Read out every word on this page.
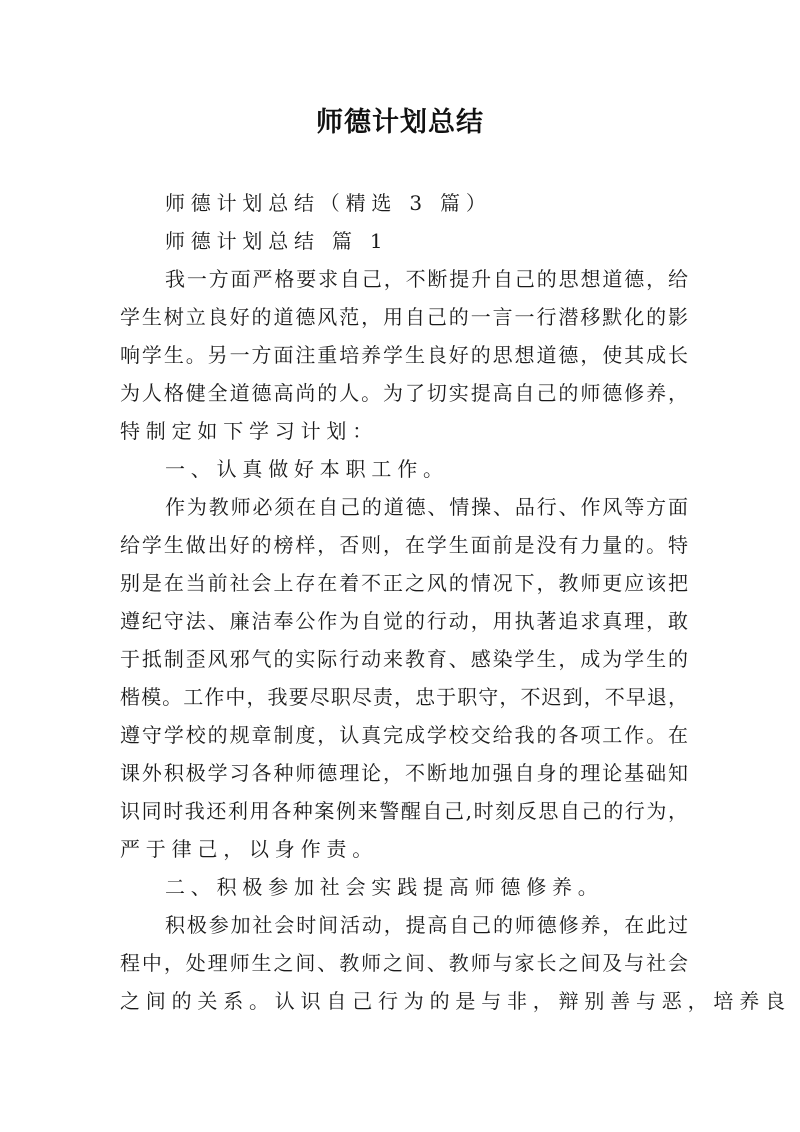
师德计划总结
师德计划总结（精选 3 篇）
师德计划总结 篇 1
我一方面严格要求自己，不断提升自己的思想道德，给
学生树立良好的道德风范，用自己的一言一行潜移默化的影
响学生。另一方面注重培养学生良好的思想道德，使其成长
为人格健全道德高尚的人。为了切实提高自己的师德修养，
特制定如下学习计划：
一、认真做好本职工作。
作为教师必须在自己的道德、情操、品行、作风等方面
给学生做出好的榜样，否则，在学生面前是没有力量的。特
别是在当前社会上存在着不正之风的情况下，教师更应该把
遵纪守法、廉洁奉公作为自觉的行动，用执著追求真理，敢
于抵制歪风邪气的实际行动来教育、感染学生，成为学生的
楷模。工作中，我要尽职尽责，忠于职守，不迟到，不早退，
遵守学校的规章制度，认真完成学校交给我的各项工作。在
课外积极学习各种师德理论，不断地加强自身的理论基础知
识同时我还利用各种案例来警醒自己,时刻反思自己的行为，
严于律己，以身作责。
二、积极参加社会实践提高师德修养。
积极参加社会时间活动，提高自己的师德修养，在此过
程中，处理师生之间、教师之间、教师与家长之间及与社会
之间的关系。认识自己行为的是与非，辩别善与恶，培养良
